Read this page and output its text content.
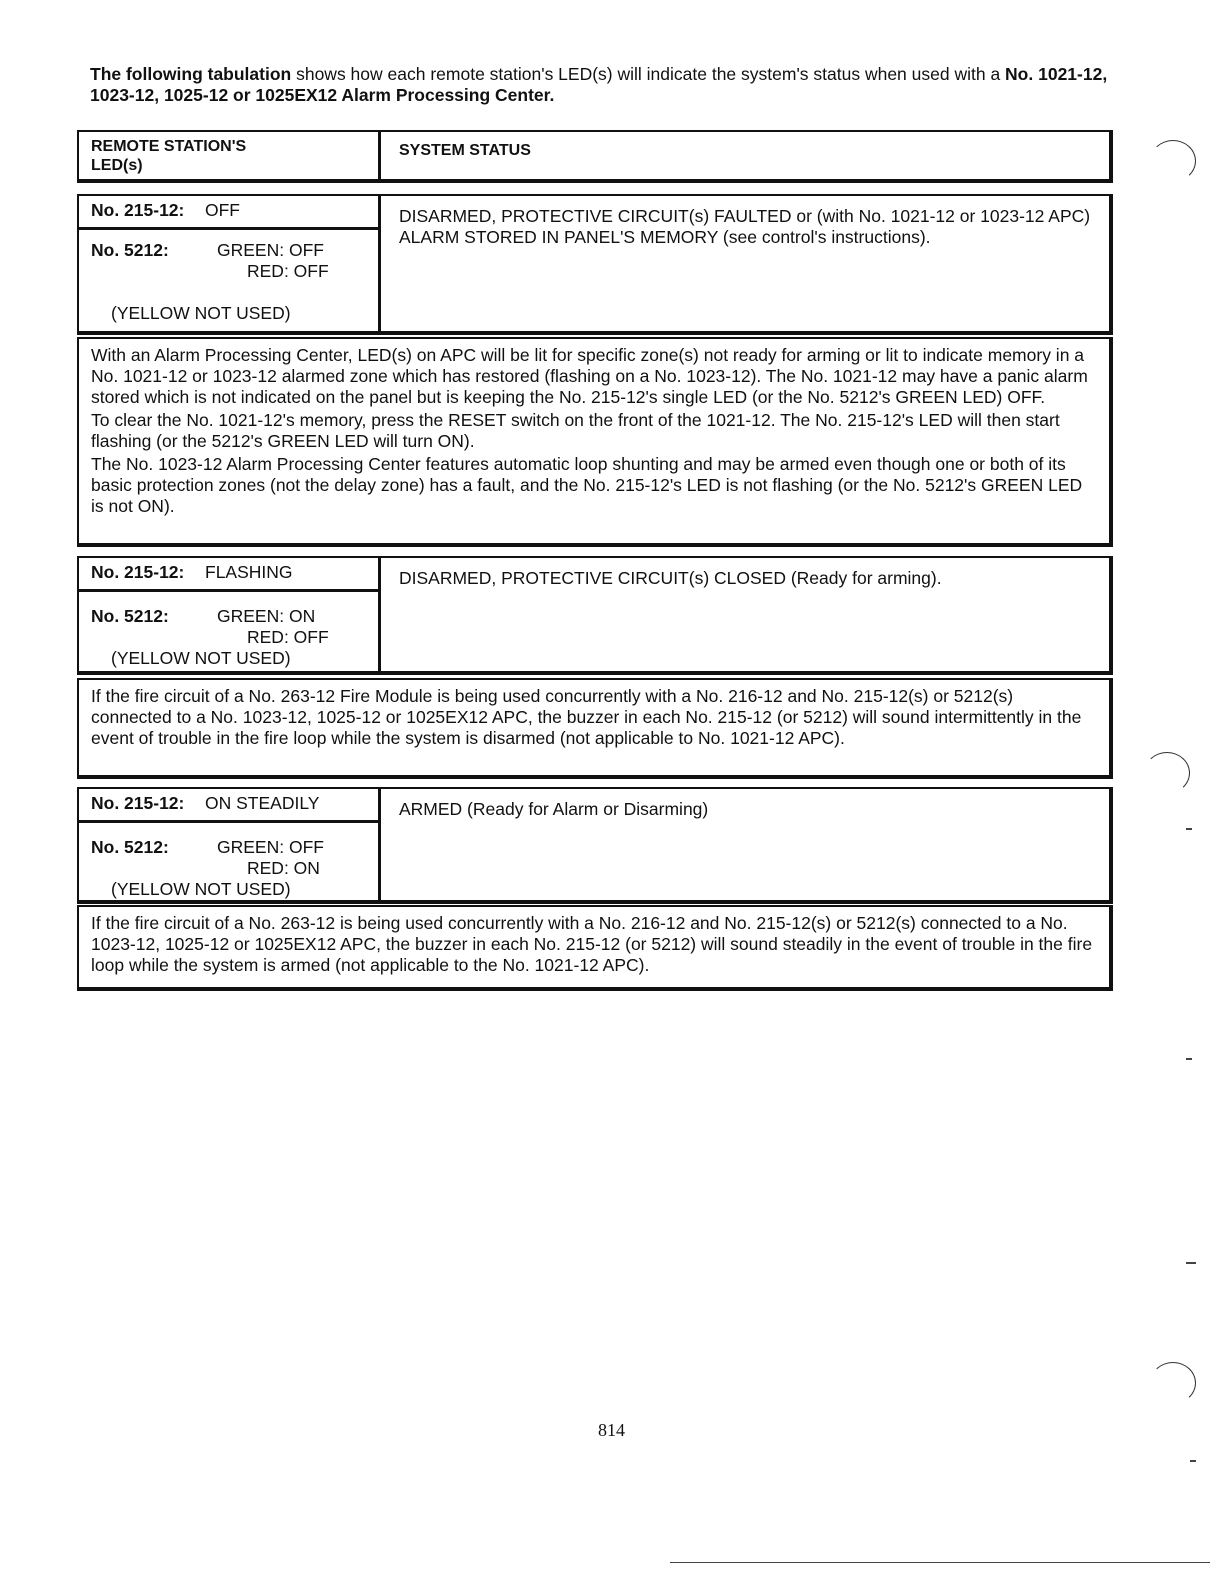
The following tabulation shows how each remote station's LED(s) will indicate the system's status when used with a No. 1021-12, 1023-12, 1025-12 or 1025EX12 Alarm Processing Center.
REMOTE STATION'S LED(s)
SYSTEM STATUS
No. 215-12: OFF
No. 5212:	GREEN: OFF
RED: OFF

(YELLOW NOT USED)
DISARMED, PROTECTIVE CIRCUIT(s) FAULTED or (with No. 1021-12 or 1023-12 APC) ALARM STORED IN PANEL'S MEMORY (see control's instructions).

With an Alarm Processing Center, LED(s) on APC will be lit for specific zone(s) not ready for arming or lit to indicate memory in a No. 1021-12 or 1023-12 alarmed zone which has restored (flashing on a No. 1023-12). The No. 1021-12 may have a panic alarm stored which is not indicated on the panel but is keeping the No. 215-12's single LED (or the No. 5212's GREEN LED) OFF.

To clear the No. 1021-12's memory, press the RESET switch on the front of the 1021-12. The No. 215-12's LED will then start flashing (or the 5212's GREEN LED will turn ON).

The No. 1023-12 Alarm Processing Center features automatic loop shunting and may be armed even though one or both of its basic protection zones (not the delay zone) has a fault, and the No. 215-12's LED is not flashing (or the No. 5212's GREEN LED is not ON).

No. 215-12: FLASHING
No. 5212:	GREEN: ON
RED: OFF
(YELLOW NOT USED)
DISARMED, PROTECTIVE CIRCUIT(s) CLOSED (Ready for arming).

If the fire circuit of a No. 263-12 Fire Module is being used concurrently with a No. 216-12 and No. 215-12(s) or 5212(s) connected to a No. 1023-12, 1025-12 or 1025EX12 APC, the buzzer in each No. 215-12 (or 5212) will sound intermittently in the event of trouble in the fire loop while the system is disarmed (not applicable to No. 1021-12 APC).

No. 215-12: ON STEADILY
No. 5212:	GREEN: OFF
RED: ON
(YELLOW NOT USED)
ARMED (Ready for Alarm or Disarming)

If the fire circuit of a No. 263-12 is being used concurrently with a No. 216-12 and No. 215-12(s) or 5212(s) connected to a No. 1023-12, 1025-12 or 1025EX12 APC, the buzzer in each No. 215-12 (or 5212) will sound steadily in the event of trouble in the fire loop while the system is armed (not applicable to the No. 1021-12 APC).

814
